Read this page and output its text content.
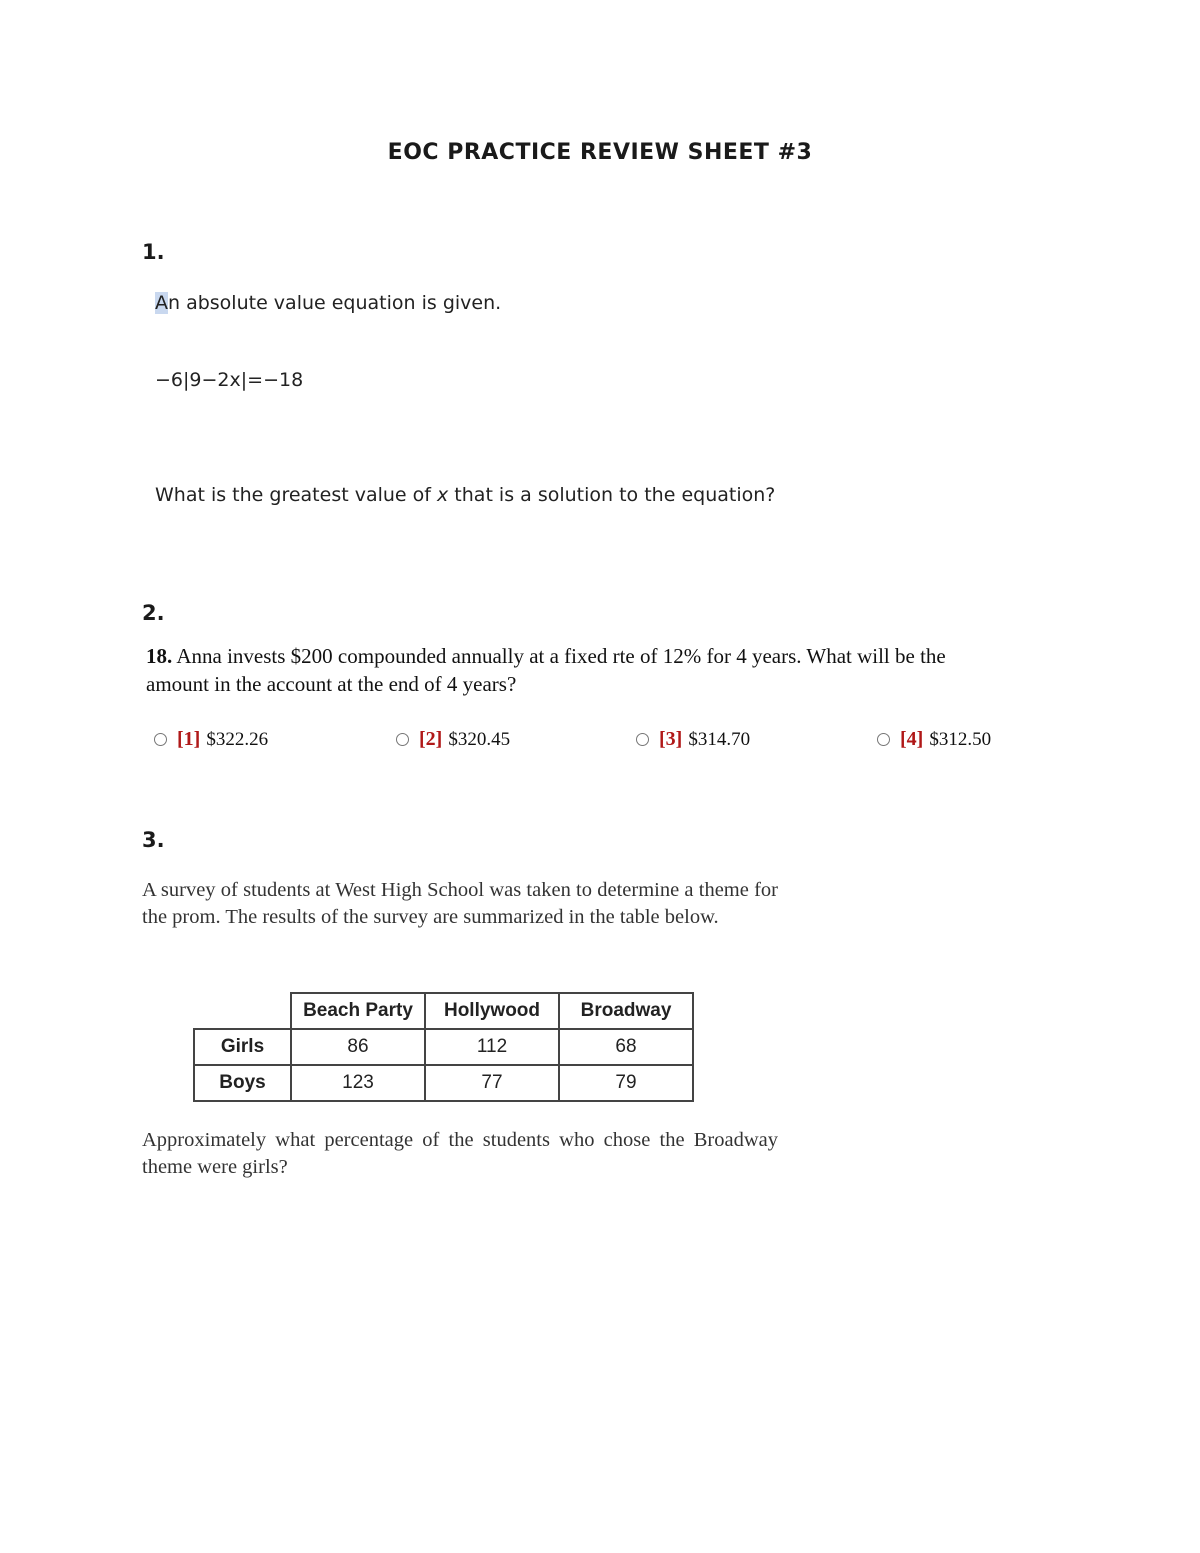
EOC PRACTICE REVIEW SHEET #3
1.
An absolute value equation is given.
−6|9−2x|=−18
What is the greatest value of x that is a solution to the equation?
2.
18. Anna invests $200 compounded annually at a fixed rte of 12% for 4 years. What will be the
amount in the account at the end of 4 years?
[1] $322.26	[2] $320.45	[3] $314.70	[4] $312.50
3.
A survey of students at West High School was taken to determine a theme for the prom. The results of the survey are summarized in the table below.
	Beach Party	Hollywood	Broadway
Girls	86	112	68
Boys	123	77	79
Approximately what percentage of the students who chose the Broadway theme were girls?
